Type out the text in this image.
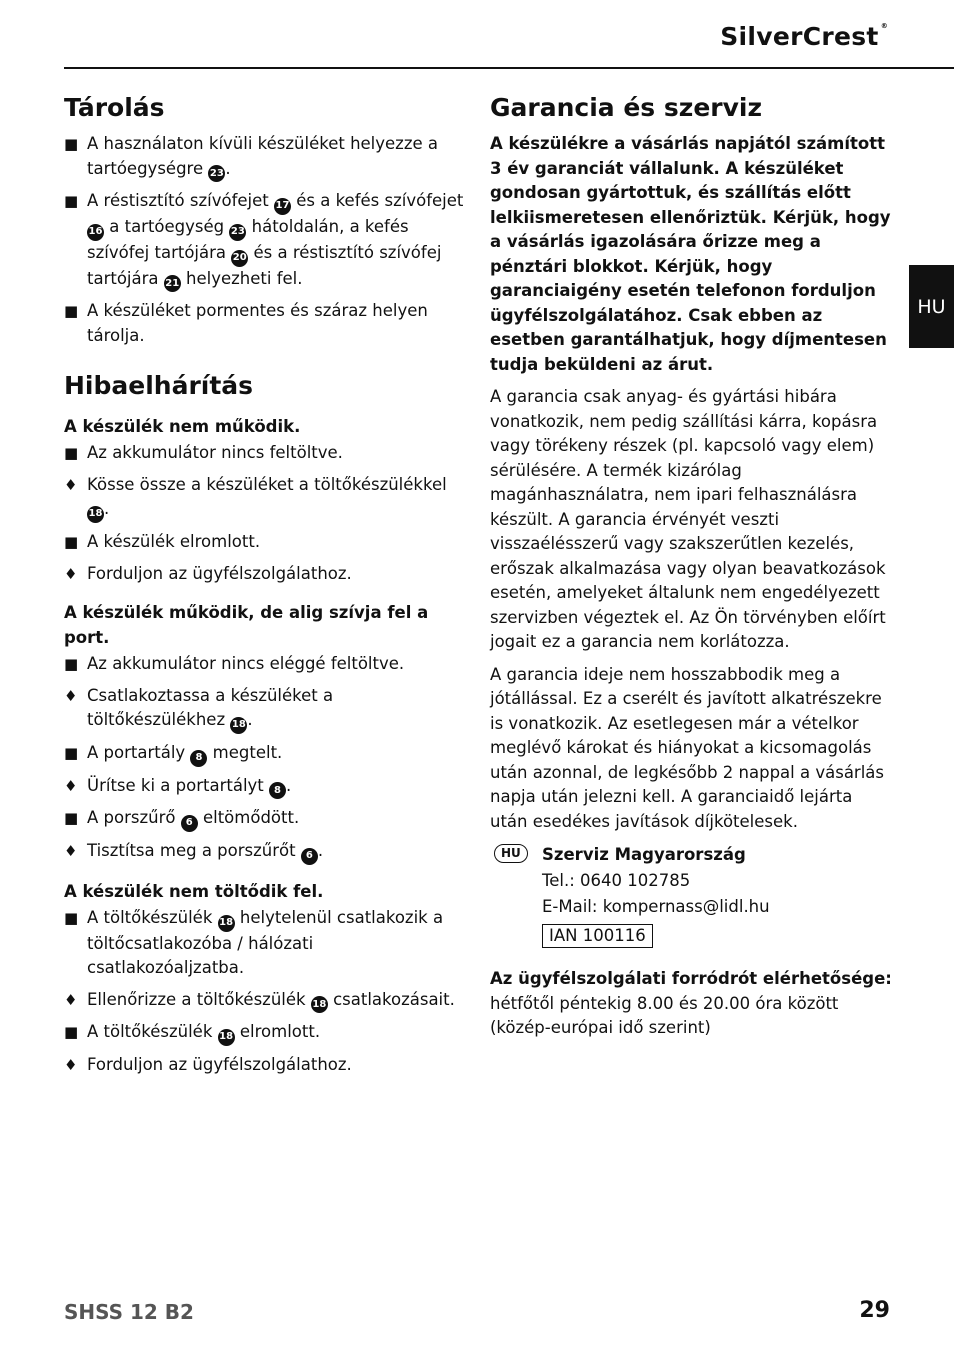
SilverCrest ®
HU
Tárolás
■ A használaton kívüli készüléket helyezze a tartóegységre 23.
■ A réstisztító szívófejet 17 és a kefés szívófejet 16 a tartóegység 23 hátoldalán, a kefés szívófej tartójára 20 és a réstisztító szívófej tartójára 21 helyezheti fel.
■ A készüléket pormentes és száraz helyen tárolja.
Hibaelhárítás
A készülék nem működik.
■ Az akkumulátor nincs feltöltve.
♦ Kösse össze a készüléket a töltőkészülékkel 18.
■ A készülék elromlott.
♦ Forduljon az ügyfélszolgálathoz.
A készülék működik, de alig szívja fel a port.
■ Az akkumulátor nincs eléggé feltöltve.
♦ Csatlakoztassa a készüléket a töltőkészülékhez 18.
■ A portartály 8 megtelt.
♦ Ürítse ki a portartályt 8 .
■ A porszűrő 6 eltömődött.
♦ Tisztítsa meg a porszűrőt 6 .
A készülék nem töltődik fel.
■ A töltőkészülék 18 helytelenül csatlakozik a töltőcsatlakozóba / hálózati csatlakozóaljzatba.
♦ Ellenőrizze a töltőkészülék 18 csatlakozásait.
■ A töltőkészülék 18 elromlott.
♦ Forduljon az ügyfélszolgálathoz.
Garancia és szerviz

A készülékre a vásárlás napjától számított 3 év garanciát vállalunk. A készüléket gondosan gyártottuk, és szállítás előtt lelkiismeretesen ellenőriztük. Kérjük, hogy a vásárlás igazolására őrizze meg a pénztári blokkot. Kérjük, hogy garanciaigény esetén telefonon forduljon ügyfélszolgálatához. Csak ebben az esetben garantálhatjuk, hogy díjmentesen tudja beküldeni az árut.

A garancia csak anyag- és gyártási hibára vonatkozik, nem pedig szállítási kárra, kopásra vagy törékeny részek (pl. kapcsoló vagy elem) sérülésére. A termék kizárólag magánhasználatra, nem ipari felhasználásra készült. A garancia érvényét veszti visszaélésszerű vagy szakszerűtlen kezelés, erőszak alkalmazása vagy olyan beavatkozások esetén, amelyeket általunk nem engedélyezett szervizben végeztek el. Az Ön törvényben előírt jogait ez a garancia nem korlátozza.

A garancia ideje nem hosszabbodik meg a jótállással. Ez a cserélt és javított alkatrészekre is vonatkozik. Az esetlegesen már a vételkor meglévő károkat és hiányokat a kicsomagolás után azonnal, de legkésőbb 2 nappal a vásárlás napja után jelezni kell. A garanciaidő lejárta után esedékes javítások díjkötelesek.

HU	Szerviz Magyarország
Tel.: 0640 102785
E-Mail: kompernass@lidl.hu
IAN 100116

Az ügyfélszolgálati forródrót elérhetősége:

hétfőtől péntekig 8.00 és 20.00 óra között (közép-európai idő szerint)

SHSS 12 B2	29
